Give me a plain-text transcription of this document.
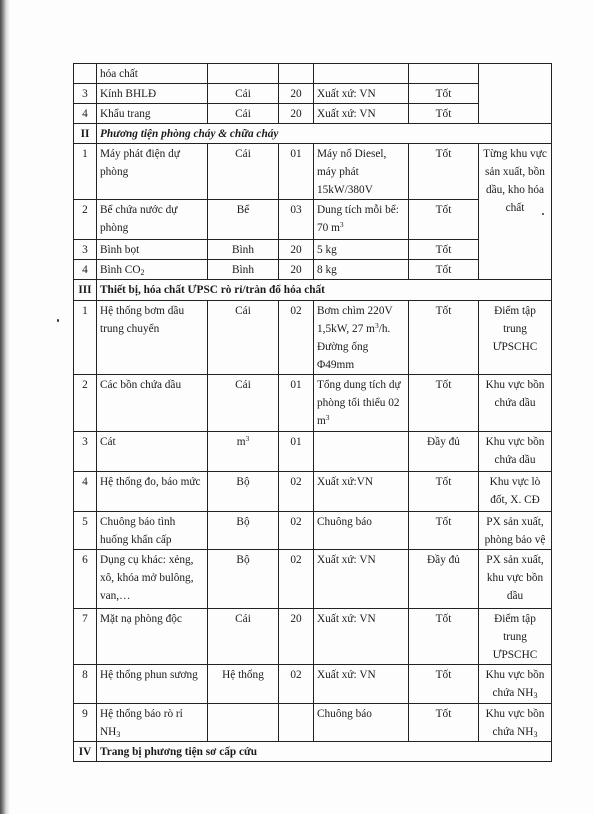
	hóa chất					
3	Kính BHLĐ	Cái	20	Xuất xứ: VN	Tốt	
4	Khẩu trang	Cái	20	Xuất xứ: VN	Tốt	
II	Phương tiện phòng cháy & chữa cháy					
1	Máy phát điện dự phòng	Cái	01	Máy nổ Diesel, máy phát 15kW/380V	Tốt	Từng khu vực sản xuất, bồn dầu, kho hóa chất
2	Bể chứa nước dự phòng	Bể	03	Dung tích mỗi bể: 70 $m^3$	Tốt	
3	Bình bọt	Bình	20	5 kg	Tốt	
4	Bình $CO_2$	Bình	20	8 kg	Tốt	
III	Thiết bị, hóa chất ƯPSC rò rỉ/tràn đổ hóa chất					
1	Hệ thống bơm dầu trung chuyển	Cái	02	Bơm chìm 220V
1,5kW, 27 $m^3/h$.
Đường ống Φ49mm	Tốt	Điểm tập trung ƯPSCHC
2	Các bồn chứa dầu	Cái	01	Tổng dung tích dự phòng tối thiểu 02 $m^3$	Tốt	Khu vực bồn chứa dầu
3	Cát	$m^3$	01		Đầy đủ	Khu vực bồn chứa dầu
4	Hệ thống đo, báo mức	Bộ	02	Xuất xứ:VN	Tốt	Khu vực lò đốt, X. CĐ
5	Chuông báo tình huống khẩn cấp	Bộ	02	Chuông báo	Tốt	PX sản xuất, phòng bảo vệ
6	Dụng cụ khác: xẻng, xô, khóa mở bulông, van,…	Bộ	02	Xuất xứ: VN	Đầy đủ	PX sản xuất, khu vực bồn dầu
7	Mặt nạ phòng độc	Cái	20	Xuất xứ: VN	Tốt	Điểm tập trung ƯPSCHC
8	Hệ thống phun sương	Hệ thống	02	Xuất xứ: VN	Tốt	Khu vực bồn chứa $NH_3$
9	Hệ thống báo rò rỉ $NH_3$			Chuông báo	Tốt	Khu vực bồn chứa $NH_3$
IV	Trang bị phương tiện sơ cấp cứu					
